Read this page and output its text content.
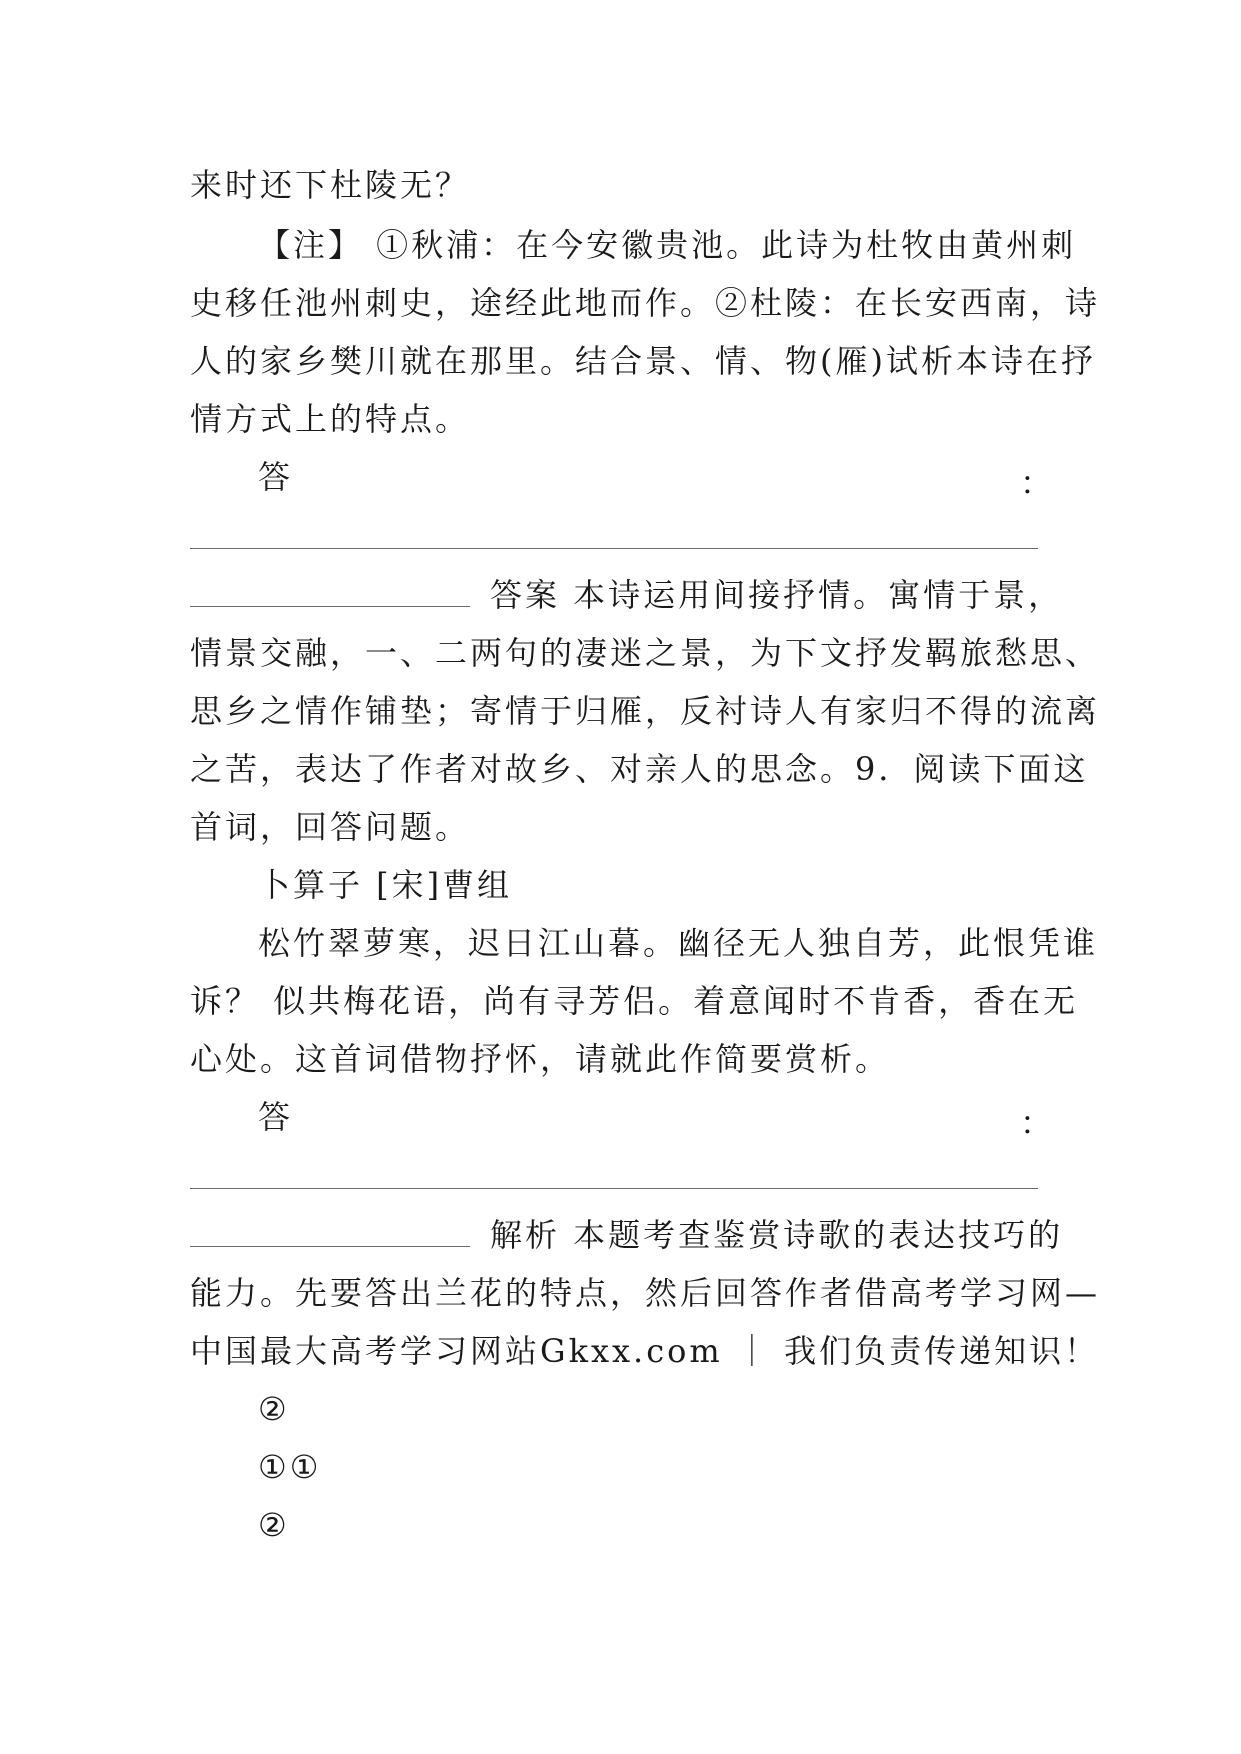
来时还下杜陵无？
【注】 ①秋浦：在今安徽贵池。此诗为杜牧由黄州刺
史移任池州刺史，途经此地而作。②杜陵：在长安西南，诗
人的家乡樊川就在那里。结合景、情、物(雁)试析本诗在抒
情方式上的特点。
答	：
答案 本诗运用间接抒情。寓情于景，
情景交融，一、二两句的凄迷之景，为下文抒发羁旅愁思、
思乡之情作铺垫；寄情于归雁，反衬诗人有家归不得的流离
之苦，表达了作者对故乡、对亲人的思念。9．阅读下面这
首词，回答问题。
卜算子 [宋]曹组
松竹翠萝寒，迟日江山暮。幽径无人独自芳，此恨凭谁
诉？ 似共梅花语，尚有寻芳侣。着意闻时不肯香，香在无
心处。这首词借物抒怀，请就此作简要赏析。
答	：
解析 本题考查鉴赏诗歌的表达技巧的
能力。先要答出兰花的特点，然后回答作者借高考学习网—
中国最大高考学习网站Gkxx.com ｜ 我们负责传递知识！
②
①①
②
